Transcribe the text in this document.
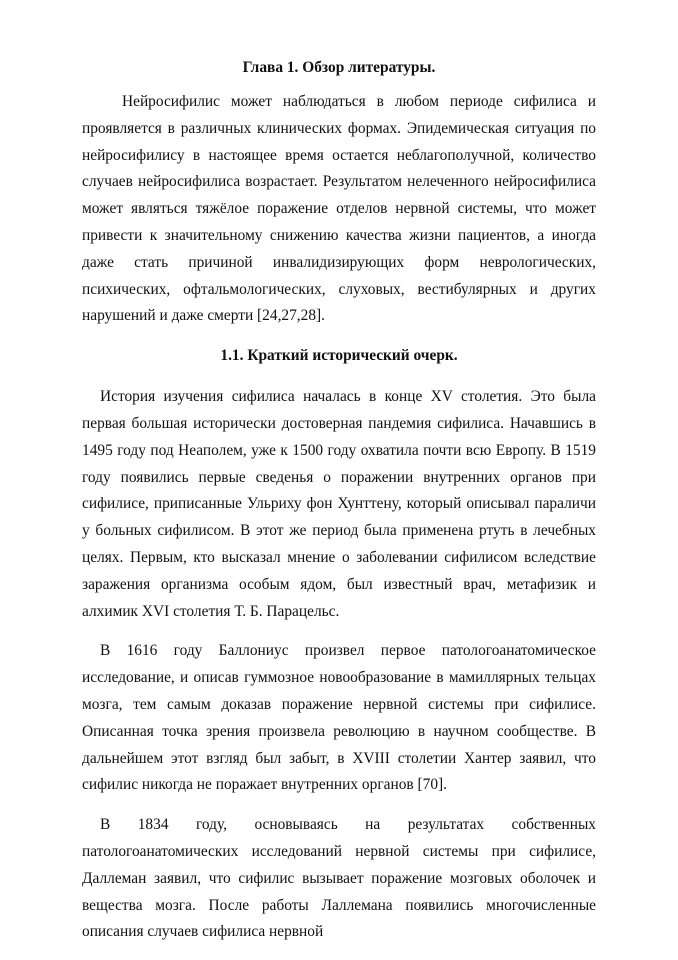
Глава 1. Обзор литературы.

Нейросифилис может наблюдаться в любом периоде сифилиса и проявляется в различных клинических формах. Эпидемическая ситуация по нейросифилису в настоящее время остается неблагополучной, количество случаев нейросифилиса возрастает. Результатом нелеченного нейросифилиса может являться тяжёлое поражение отделов нервной системы, что может привести к значительному снижению качества жизни пациентов, а иногда даже стать причиной инвалидизирующих форм неврологических, психических, офтальмологических, слуховых, вестибулярных и других нарушений и даже смерти [24,27,28].

1.1. Краткий исторический очерк.

История изучения сифилиса началась в конце XV столетия. Это была первая большая исторически достоверная пандемия сифилиса. Начавшись в 1495 году под Неаполем, уже к 1500 году охватила почти всю Европу. В 1519 году появились первые сведенья о поражении внутренних органов при сифилисе, приписанные Ульриху фон Хунттену, который описывал параличи у больных сифилисом. В этот же период была применена ртуть в лечебных целях. Первым, кто высказал мнение о заболевании сифилисом вследствие заражения организма особым ядом, был известный врач, метафизик и алхимик XVI столетия Т. Б. Парацельс.

В 1616 году Баллониус произвел первое патологоанатомическое исследование, и описав гуммозное новообразование в мамиллярных тельцах мозга, тем самым доказав поражение нервной системы при сифилисе. Описанная точка зрения произвела революцию в научном сообществе. В дальнейшем этот взгляд был забыт, в XVIII столетии Хантер заявил, что сифилис никогда не поражает внутренних органов [70].

В 1834 году, основываясь на результатах собственных патологоанатомических исследований нервной системы при сифилисе, Даллеман заявил, что сифилис вызывает поражение мозговых оболочек и вещества мозга. После работы Лаллемана появились многочисленные описания случаев сифилиса нервной
